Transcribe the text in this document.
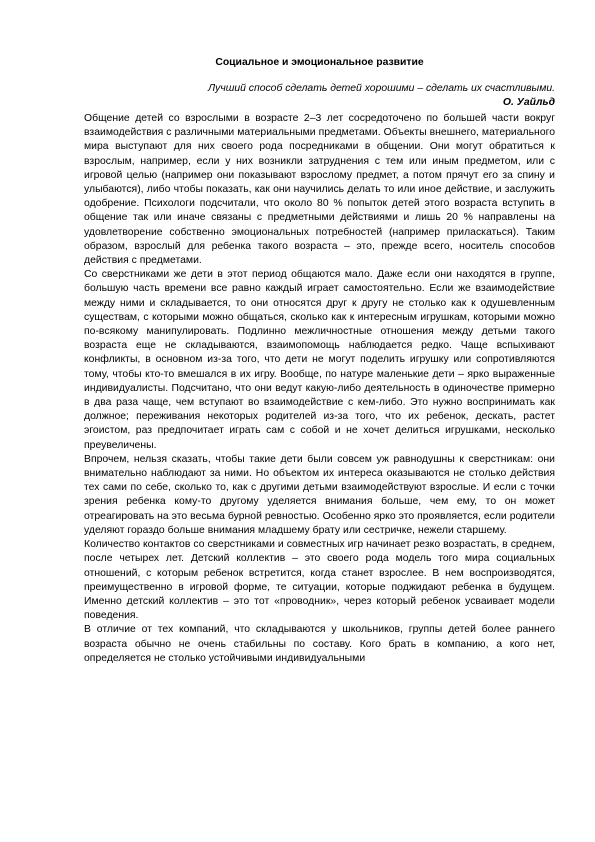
Социальное и эмоциональное развитие
Лучший способ сделать детей хорошими – сделать их счастливыми.
О. Уайльд

Общение детей со взрослыми в возрасте 2–3 лет сосредоточено по большей части вокруг взаимодействия с различными материальными предметами. Объекты внешнего, материального мира выступают для них своего рода посредниками в общении. Они могут обратиться к взрослым, например, если у них возникли затруднения с тем или иным предметом, или с игровой целью (например они показывают взрослому предмет, а потом прячут его за спину и улыбаются), либо чтобы показать, как они научились делать то или иное действие, и заслужить одобрение. Психологи подсчитали, что около 80 % попыток детей этого возраста вступить в общение так или иначе связаны с предметными действиями и лишь 20 % направлены на удовлетворение собственно эмоциональных потребностей (например приласкаться). Таким образом, взрослый для ребенка такого возраста – это, прежде всего, носитель способов действия с предметами.

Со сверстниками же дети в этот период общаются мало. Даже если они находятся в группе, большую часть времени все равно каждый играет самостоятельно. Если же взаимодействие между ними и складывается, то они относятся друг к другу не столько как к одушевленным существам, с которыми можно общаться, сколько как к интересным игрушкам, которыми можно по-всякому манипулировать. Подлинно межличностные отношения между детьми такого возраста еще не складываются, взаимопомощь наблюдается редко. Чаще вспыхивают конфликты, в основном из-за того, что дети не могут поделить игрушку или сопротивляются тому, чтобы кто-то вмешался в их игру. Вообще, по натуре маленькие дети – ярко выраженные индивидуалисты. Подсчитано, что они ведут какую-либо деятельность в одиночестве примерно в два раза чаще, чем вступают во взаимодействие с кем-либо. Это нужно воспринимать как должное; переживания некоторых родителей из-за того, что их ребенок, дескать, растет эгоистом, раз предпочитает играть сам с собой и не хочет делиться игрушками, несколько преувеличены.

Впрочем, нельзя сказать, чтобы такие дети были совсем уж равнодушны к сверстникам: они внимательно наблюдают за ними. Но объектом их интереса оказываются не столько действия тех сами по себе, сколько то, как с другими детьми взаимодействуют взрослые. И если с точки зрения ребенка кому-то другому уделяется внимания больше, чем ему, то он может отреагировать на это весьма бурной ревностью. Особенно ярко это проявляется, если родители уделяют гораздо больше внимания младшему брату или сестричке, нежели старшему.

Количество контактов со сверстниками и совместных игр начинает резко возрастать, в среднем, после четырех лет. Детский коллектив – это своего рода модель того мира социальных отношений, с которым ребенок встретится, когда станет взрослее. В нем воспроизводятся, преимущественно в игровой форме, те ситуации, которые поджидают ребенка в будущем. Именно детский коллектив – это тот «проводник», через который ребенок усваивает модели поведения.

В отличие от тех компаний, что складываются у школьников, группы детей более раннего возраста обычно не очень стабильны по составу. Кого брать в компанию, а кого нет, определяется не столько устойчивыми индивидуальными
